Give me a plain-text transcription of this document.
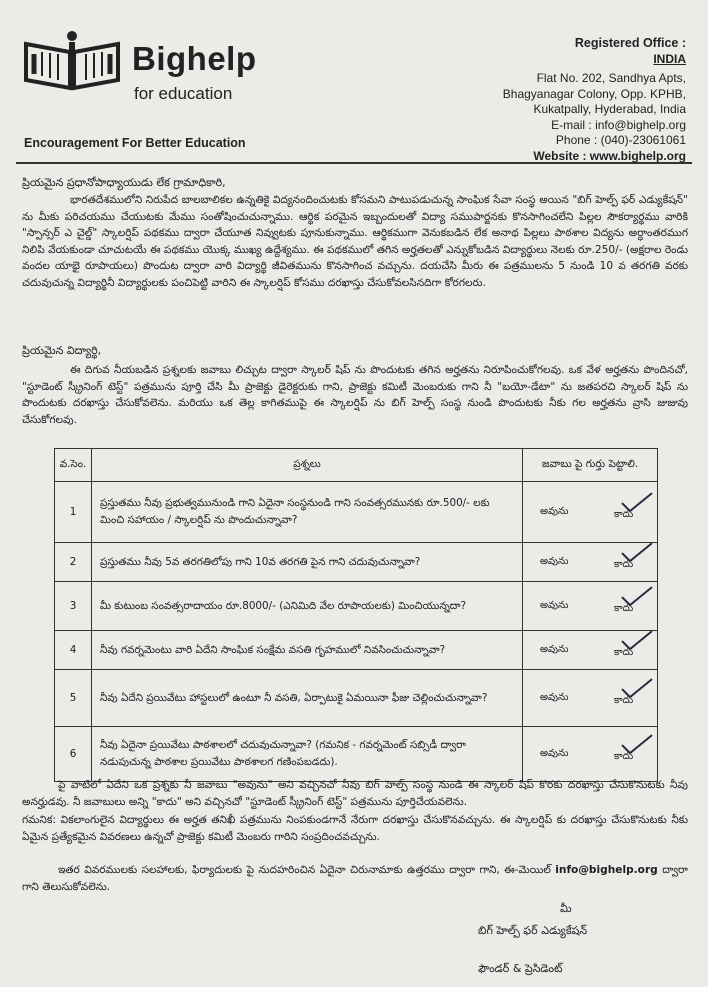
Bighelp
for education
Encouragement For Better Education
Registered Office :
INDIA
Flat No. 202, Sandhya Apts,
Bhagyanagar Colony, Opp. KPHB,
Kukatpally, Hyderabad, India
E-mail : info@bighelp.org
Phone : (040)-23061061
Website : www.bighelp.org
ప్రియమైన ప్రధానోపాధ్యాయుడు లేక గ్రామాధికారి,
భారతదేశములోని నిరుపేద బాలబాలికల ఉన్నతికై విద్యనందించుటకు కోసమని పాటుపడుచున్న సాంఘిక సేవా సంస్థ అయిన "బిగ్ హెల్ప్ ఫర్ ఎడ్యుకేషన్" ను మీకు పరిచయము చేయుటకు మేము సంతోషించుచున్నాము. ఆర్థిక పరమైన ఇబ్బందులతో విద్యా సముపార్జనకు కొనసాగించలేని పిల్లల సౌకర్యార్థము వారికి "స్పాన్సర్ ఎ చైల్డ్" స్కాలర్షిప్ పథకము ద్వారా చేయూత నివ్వుటకు పూనుకున్నాము. ఆర్థికముగా వెనుకబడిన లేక అనాథ పిల్లలు పాఠశాల విద్యను అర్ధాంతరముగ నిలిపి వేయకుండా చూచుటయే ఈ పథకము యొక్క ముఖ్య ఉద్దేశ్యము. ఈ పథకములో తగిన అర్హతలతో ఎన్నుకోబడిన విద్యార్థులు నెలకు రూ.250/- (అక్షరాల రెండు వందల యాభై రూపాయలు) పొందుట ద్వారా వారి విద్యార్థి జీవితమును కొనసాగించ వచ్చును. దయచేసి మీరు ఈ పత్రములను 5 నుండి 10 వ తరగతి వరకు చదువుచున్న విద్యార్థినీ విద్యార్థులకు పంచిపెట్టి వారిని ఈ స్కాలర్షిప్ కోసము దరఖాస్తు చేసుకోవలసినదిగా కోరగలరు.
ప్రియమైన విద్యార్థి,
ఈ దిగువ నీయబడిన ప్రశ్నలకు జవాబు లిచ్చుట ద్వారా స్కాలర్ షిప్ ను పొందుటకు తగిన అర్హతను నిరూపించుకోగలవు. ఒక వేళ అర్హతను పొందినచో, "స్టూడెంట్ స్క్రీనింగ్ టెస్ట్" పత్రమును పూర్తి చేసి మీ ప్రాజెక్టు డైరెక్టరుకు గాని, ప్రాజెక్టు కమిటీ మెంబరుకు గాని నీ "బయో-డేటా" ను జతపరచి స్కాలర్ షిప్ ను పొందుటకు దరఖాస్తు చేసుకోవలెను. మరియు ఒక తెల్ల కాగితముపై ఈ స్కాలర్షిప్ ను బిగ్ హెల్ప్ సంస్థ నుండి పొందుటకు నీకు గల అర్హతను వ్రాసి జుజువు చేసుకోగలవు.
వ.సెం.	ప్రశ్నలు	జవాబు పై గుర్తు పెట్టాలి.
1	ప్రస్తుతము నీవు ప్రభుత్వమునుండి గాని ఏదైనా సంస్థనుండి గాని సంవత్సరమునకు రూ.500/- లకు మించి సహాయం / స్కాలర్షిప్ ను పొందుచున్నావా?	అవును కాదు

2	ప్రస్తుతము నీవు 5వ తరగతిలోపు గాని 10వ తరగతి పైన గాని చదువుచున్నావా?	అవును కాదు

3	మీ కుటుంబ సంవత్సరాదాయం రూ.8000/- (ఎనిమిది వేల రూపాయలకు) మించియున్నదా?	అవును కాదు

4	నీవు గవర్నమెంటు వారి ఏదేని సాంఘిక సంక్షేమ వసతి గృహములో నివసించుచున్నావా?	అవును కాదు

5	నీవు ఏదేని ప్రయివేటు హాస్టలులో ఉంటూ నీ వసతి, ఏర్పాటుకై ఏమయినా ఫీజు చెల్లించుచున్నావా?	అవును కాదు

6	నీవు ఏదైనా ప్రయివేటు పాఠశాలలో చదువుచున్నావా? (గమనిక - గవర్నమెంట్ సబ్సిడీ ద్వారా నడుపుచున్న పాఠశాల ప్రయివేటు పాఠశాలగ గణింపబడదు).	అవును కాదు
పై వాటిలో ఏదేని ఒక ప్రశ్నకు నీ జవాబు "అవును" అని వచ్చినచో నీవు బిగ్ హెల్ప్ సంస్థ నుండి ఈ స్కాలర్ షిప్ కొరకు దరఖాస్తు చేసుకొనుటకు నీవు అనర్హుడవు. నీ జవాబులు అన్ని "కాదు" అని వచ్చినచో "స్టూడెంట్ స్క్రీనింగ్ టెస్ట్" పత్రమును పూర్తిచేయవలెను.
గమనిక: వికలాంగులైన విద్యార్థులు ఈ అర్హత తనిఖీ పత్రమును నింపకుండగానే నేరుగా దరఖాస్తు చేసుకొనవచ్చును. ఈ స్కాలర్షిప్ కు దరఖాస్తు చేసుకొనుటకు నీకు ఏమైన ప్రత్యేకమైన వివరణలు ఉన్నచో ప్రాజెక్టు కమిటీ మెంబరు గారిని సంప్రదించవచ్చును.
ఇతర వివరములకు సలహాలకు, ఫిర్యాదులకు పై నుదహరించిన ఏదైనా చిరునామాకు ఉత్తరము ద్వారా గాని, ఈ-మెయిల్ info@bighelp.org ద్వారా గాని తెలుసుకోవలెను.
మీ
బిగ్ హెల్ప్ ఫర్ ఎడ్యుకేషన్
ఫౌండర్ & ప్రెసిడెంట్
